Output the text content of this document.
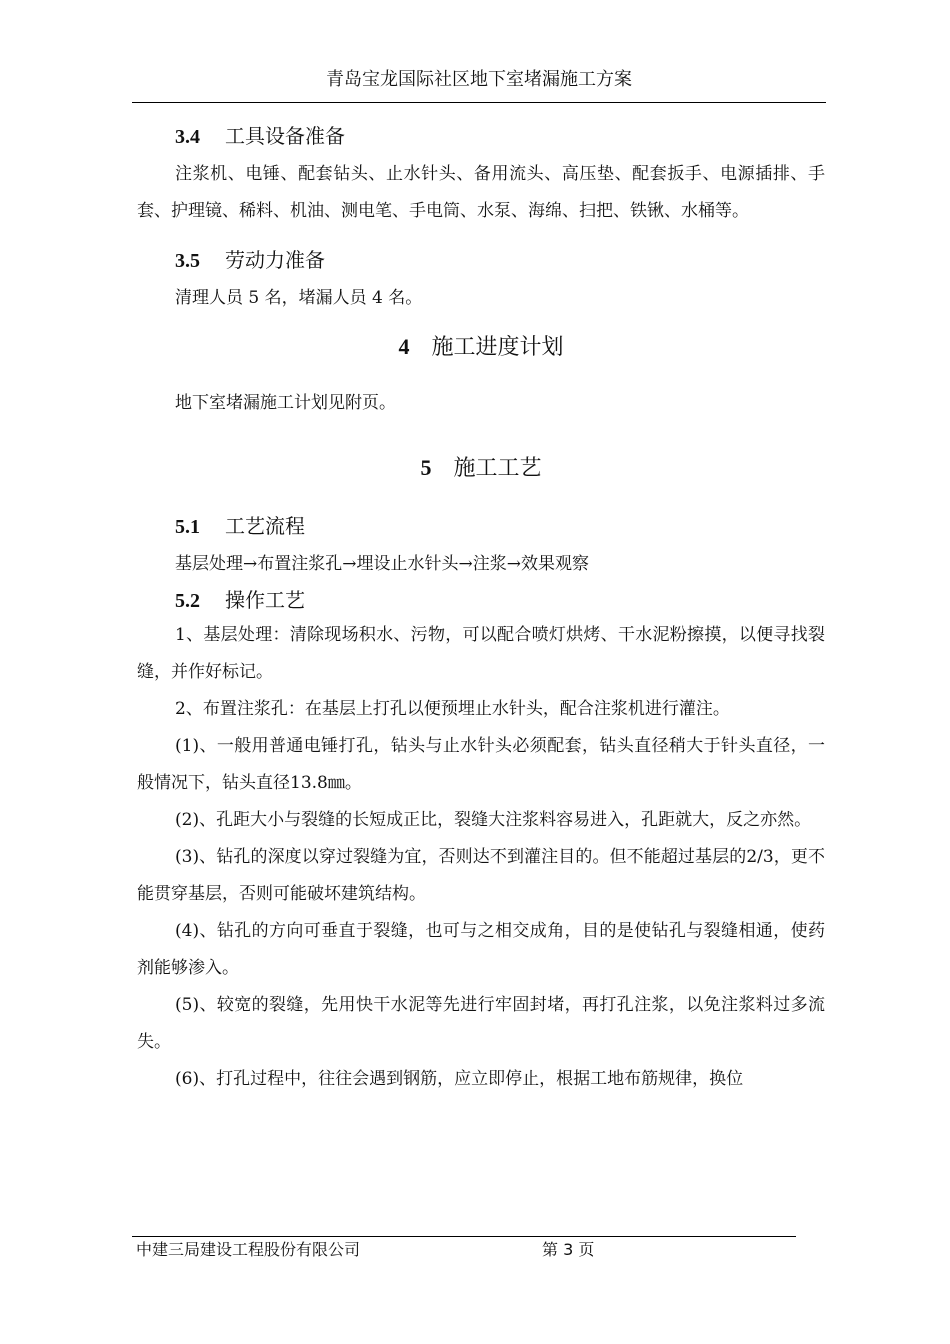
青岛宝龙国际社区地下室堵漏施工方案
3.4 工具设备准备

注浆机、电锤、配套钻头、止水针头、备用流头、高压垫、配套扳手、电源插排、手套、护理镜、稀料、机油、测电笔、手电筒、水泵、海绵、扫把、铁锹、水桶等。

3.5 劳动力准备

清理人员 5 名，堵漏人员 4 名。

4 施工进度计划

地下室堵漏施工计划见附页。

5 施工工艺
5.1 工艺流程

基层处理→布置注浆孔→埋设止水针头→注浆→效果观察

5.2 操作工艺

1、基层处理：清除现场积水、污物，可以配合喷灯烘烤、干水泥粉擦摸，以便寻找裂缝，并作好标记。

2、布置注浆孔：在基层上打孔以便预埋止水针头，配合注浆机进行灌注。

(1)、一般用普通电锤打孔，钻头与止水针头必须配套，钻头直径稍大于针头直径，一般情况下，钻头直径13.8㎜。

(2)、孔距大小与裂缝的长短成正比，裂缝大注浆料容易进入，孔距就大，反之亦然。

(3)、钻孔的深度以穿过裂缝为宜，否则达不到灌注目的。但不能超过基层的2/3，更不能贯穿基层，否则可能破坏建筑结构。

(4)、钻孔的方向可垂直于裂缝，也可与之相交成角，目的是使钻孔与裂缝相通，使药剂能够渗入。

(5)、较宽的裂缝，先用快干水泥等先进行牢固封堵，再打孔注浆，以免注浆料过多流失。

(6)、打孔过程中，往往会遇到钢筋，应立即停止，根据工地布筋规律，换位

中建三局建设工程股份有限公司	第 3 页
